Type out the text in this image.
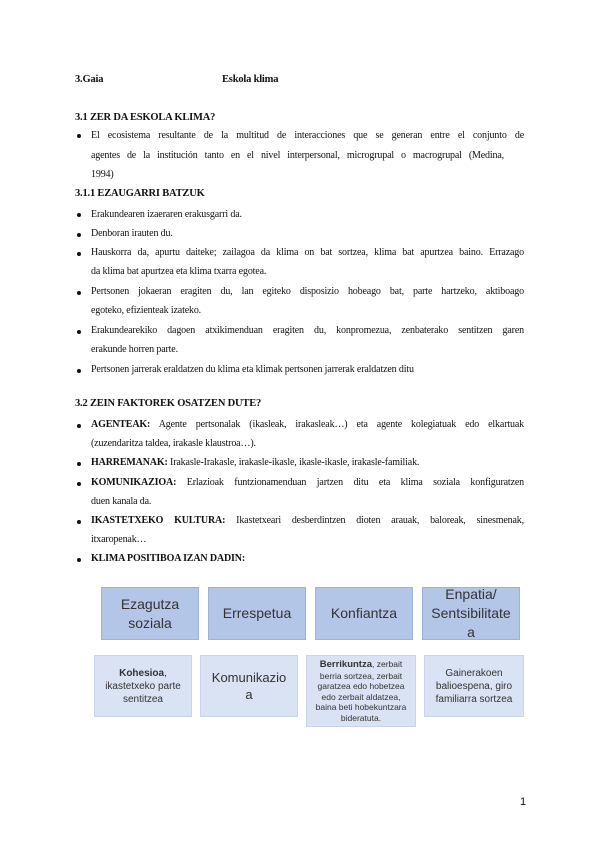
3.Gaia	Eskola klima
3.1 ZER DA ESKOLA KLIMA?
El ecosistema resultante de la multitud de interacciones que se generan entre el conjunto de
agentes de la institución tanto en el nivel interpersonal, microgrupal o macrogrupal (Medina,
1994)
3.1.1 EZAUGARRI BATZUK
Erakundearen izaeraren erakusgarri da.
Denboran irauten du.
Hauskorra da, apurtu daiteke; zailagoa da klima on bat sortzea, klima bat apurtzea baino. Errazago
da klima bat apurtzea eta klima txarra egotea.
Pertsonen jokaeran eragiten du, lan egiteko disposizio hobeago bat, parte hartzeko, aktiboago
egoteko, efizienteak izateko.
Erakundearekiko dagoen atxikimenduan eragiten du, konpromezua, zenbaterako sentitzen garen
erakunde horren parte.
Pertsonen jarrerak eraldatzen du klima eta klimak pertsonen jarrerak eraldatzen ditu
3.2 ZEIN FAKTOREK OSATZEN DUTE?
AGENTEAK: Agente pertsonalak (ikasleak, irakasleak…) eta agente kolegiatuak edo elkartuak
(zuzendaritza taldea, irakasle klaustroa…).
HARREMANAK: Irakasle-Irakasle, irakasle-ikasle, ikasle-ikasle, irakasle-familiak.
KOMUNIKAZIOA: Erlazioak funtzionamenduan jartzen ditu eta klima soziala konfiguratzen
duen kanala da.
IKASTETXEKO KULTURA: Ikastetxeari desberdintzen dioten arauak, baloreak, sinesmenak,
itxaropenak…
KLIMA POSITIBOA IZAN DADIN:
Ezagutza
soziala
Errespetua	Konfiantza
Enpatia/
Sentsibilitate
a
Kohesioa,
ikastetxeko parte
sentitzea
Komunikazio
a
Berrikuntza, zerbait
berria sortzea, zerbait
garatzea edo hobetzea
edo zerbait aldatzea,
baina beti hobekuntzara
bideratuta.
Gainerakoen
balioespena, giro
familiarra sortzea
1
